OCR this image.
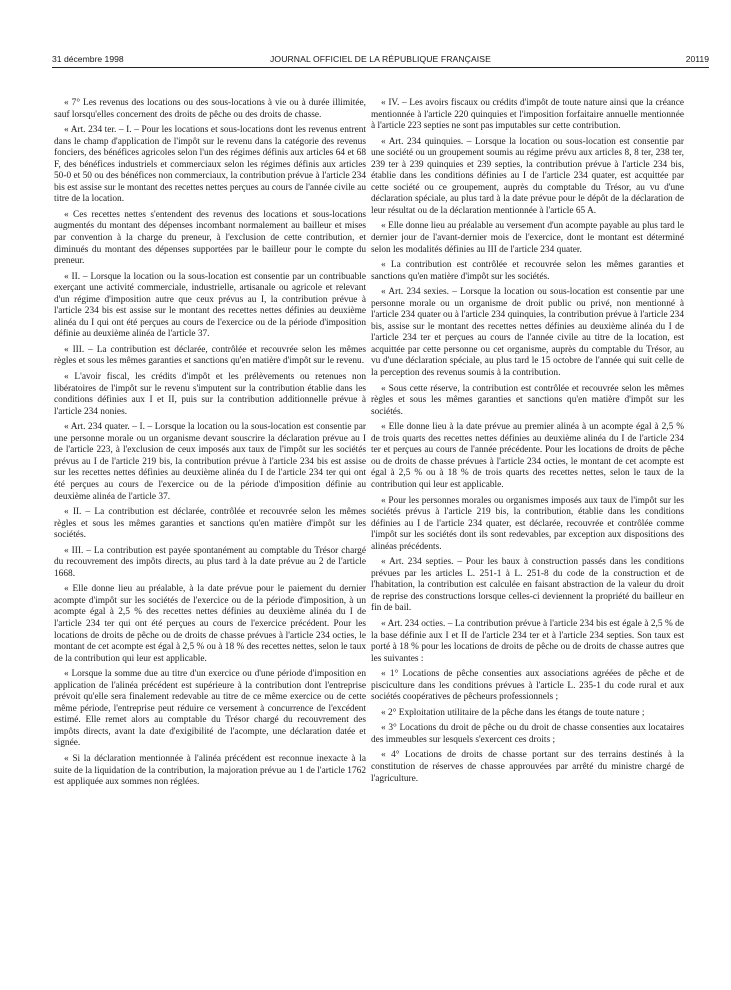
31 décembre 1998	JOURNAL OFFICIEL DE LA RÉPUBLIQUE FRANÇAISE	20119

« 7° Les revenus des locations ou des sous-locations à vie ou à durée illimitée, sauf lorsqu'elles concernent des droits de pêche ou des droits de chasse.

« Art. 234 ter. – I. – Pour les locations et sous-locations dont les revenus entrent dans le champ d'application de l'impôt sur le revenu dans la catégorie des revenus fonciers, des bénéfices agricoles selon l'un des régimes définis aux articles 64 et 68 F, des bénéfices industriels et commerciaux selon les régimes définis aux articles 50-0 et 50 ou des bénéfices non commerciaux, la contribution prévue à l'article 234 bis est assise sur le montant des recettes nettes perçues au cours de l'année civile au titre de la location.

« Ces recettes nettes s'entendent des revenus des locations et sous-locations augmentés du montant des dépenses incombant normalement au bailleur et mises par convention à la charge du preneur, à l'exclusion de cette contribution, et diminués du montant des dépenses supportées par le bailleur pour le compte du preneur.

« II. – Lorsque la location ou la sous-location est consentie par un contribuable exerçant une activité commerciale, industrielle, artisanale ou agricole et relevant d'un régime d'imposition autre que ceux prévus au I, la contribution prévue à l'article 234 bis est assise sur le montant des recettes nettes définies au deuxième alinéa du I qui ont été perçues au cours de l'exercice ou de la période d'imposition définie au deuxième alinéa de l'article 37.

« III. – La contribution est déclarée, contrôlée et recouvrée selon les mêmes règles et sous les mêmes garanties et sanctions qu'en matière d'impôt sur le revenu.

« L'avoir fiscal, les crédits d'impôt et les prélèvements ou retenues non libératoires de l'impôt sur le revenu s'imputent sur la contribution établie dans les conditions définies aux I et II, puis sur la contribution additionnelle prévue à l'article 234 nonies.

« Art. 234 quater. – I. – Lorsque la location ou la sous-location est consentie par une personne morale ou un organisme devant souscrire la déclaration prévue au I de l'article 223, à l'exclusion de ceux imposés aux taux de l'impôt sur les sociétés prévus au I de l'article 219 bis, la contribution prévue à l'article 234 bis est assise sur les recettes nettes définies au deuxième alinéa du I de l'article 234 ter qui ont été perçues au cours de l'exercice ou de la période d'imposition définie au deuxième alinéa de l'article 37.

« II. – La contribution est déclarée, contrôlée et recouvrée selon les mêmes règles et sous les mêmes garanties et sanctions qu'en matière d'impôt sur les sociétés.

« III. – La contribution est payée spontanément au comptable du Trésor chargé du recouvrement des impôts directs, au plus tard à la date prévue au 2 de l'article 1668.

« Elle donne lieu au préalable, à la date prévue pour le paiement du dernier acompte d'impôt sur les sociétés de l'exercice ou de la période d'imposition, à un acompte égal à 2,5 % des recettes nettes définies au deuxième alinéa du I de l'article 234 ter qui ont été perçues au cours de l'exercice précédent. Pour les locations de droits de pêche ou de droits de chasse prévues à l'article 234 octies, le montant de cet acompte est égal à 2,5 % ou à 18 % des recettes nettes, selon le taux de la contribution qui leur est applicable.

« Lorsque la somme due au titre d'un exercice ou d'une période d'imposition en application de l'alinéa précédent est supérieure à la contribution dont l'entreprise prévoit qu'elle sera finalement redevable au titre de ce même exercice ou de cette même période, l'entreprise peut réduire ce versement à concurrence de l'excédent estimé. Elle remet alors au comptable du Trésor chargé du recouvrement des impôts directs, avant la date d'exigibilité de l'acompte, une déclaration datée et signée.

« Si la déclaration mentionnée à l'alinéa précédent est reconnue inexacte à la suite de la liquidation de la contribution, la majoration prévue au 1 de l'article 1762 est appliquée aux sommes non réglées.

« IV. – Les avoirs fiscaux ou crédits d'impôt de toute nature ainsi que la créance mentionnée à l'article 220 quinquies et l'imposition forfaitaire annuelle mentionnée à l'article 223 septies ne sont pas imputables sur cette contribution.

« Art. 234 quinquies. – Lorsque la location ou sous-location est consentie par une société ou un groupement soumis au régime prévu aux articles 8, 8 ter, 238 ter, 239 ter à 239 quinquies et 239 septies, la contribution prévue à l'article 234 bis, établie dans les conditions définies au I de l'article 234 quater, est acquittée par cette société ou ce groupement, auprès du comptable du Trésor, au vu d'une déclaration spéciale, au plus tard à la date prévue pour le dépôt de la déclaration de leur résultat ou de la déclaration mentionnée à l'article 65 A.

« Elle donne lieu au préalable au versement d'un acompte payable au plus tard le dernier jour de l'avant-dernier mois de l'exercice, dont le montant est déterminé selon les modalités définies au III de l'article 234 quater.

« La contribution est contrôlée et recouvrée selon les mêmes garanties et sanctions qu'en matière d'impôt sur les sociétés.

« Art. 234 sexies. – Lorsque la location ou sous-location est consentie par une personne morale ou un organisme de droit public ou privé, non mentionné à l'article 234 quater ou à l'article 234 quinquies, la contribution prévue à l'article 234 bis, assise sur le montant des recettes nettes définies au deuxième alinéa du I de l'article 234 ter et perçues au cours de l'année civile au titre de la location, est acquittée par cette personne ou cet organisme, auprès du comptable du Trésor, au vu d'une déclaration spéciale, au plus tard le 15 octobre de l'année qui suit celle de la perception des revenus soumis à la contribution.

« Sous cette réserve, la contribution est contrôlée et recouvrée selon les mêmes règles et sous les mêmes garanties et sanctions qu'en matière d'impôt sur les sociétés.

« Elle donne lieu à la date prévue au premier alinéa à un acompte égal à 2,5 % de trois quarts des recettes nettes définies au deuxième alinéa du I de l'article 234 ter et perçues au cours de l'année précédente. Pour les locations de droits de pêche ou de droits de chasse prévues à l'article 234 octies, le montant de cet acompte est égal à 2,5 % ou à 18 % de trois quarts des recettes nettes, selon le taux de la contribution qui leur est applicable.

« Pour les personnes morales ou organismes imposés aux taux de l'impôt sur les sociétés prévus à l'article 219 bis, la contribution, établie dans les conditions définies au I de l'article 234 quater, est déclarée, recouvrée et contrôlée comme l'impôt sur les sociétés dont ils sont redevables, par exception aux dispositions des alinéas précédents.

« Art. 234 septies. – Pour les baux à construction passés dans les conditions prévues par les articles L. 251-1 à L. 251-8 du code de la construction et de l'habitation, la contribution est calculée en faisant abstraction de la valeur du droit de reprise des constructions lorsque celles-ci deviennent la propriété du bailleur en fin de bail.

« Art. 234 octies. – La contribution prévue à l'article 234 bis est égale à 2,5 % de la base définie aux I et II de l'article 234 ter et à l'article 234 septies. Son taux est porté à 18 % pour les locations de droits de pêche ou de droits de chasse autres que les suivantes :

« 1° Locations de pêche consenties aux associations agréées de pêche et de pisciculture dans les conditions prévues à l'article L. 235-1 du code rural et aux sociétés coopératives de pêcheurs professionnels ;

« 2° Exploitation utilitaire de la pêche dans les étangs de toute nature ;

« 3° Locations du droit de pêche ou du droit de chasse consenties aux locataires des immeubles sur lesquels s'exercent ces droits ;

« 4° Locations de droits de chasse portant sur des terrains destinés à la constitution de réserves de chasse approuvées par arrêté du ministre chargé de l'agriculture.
